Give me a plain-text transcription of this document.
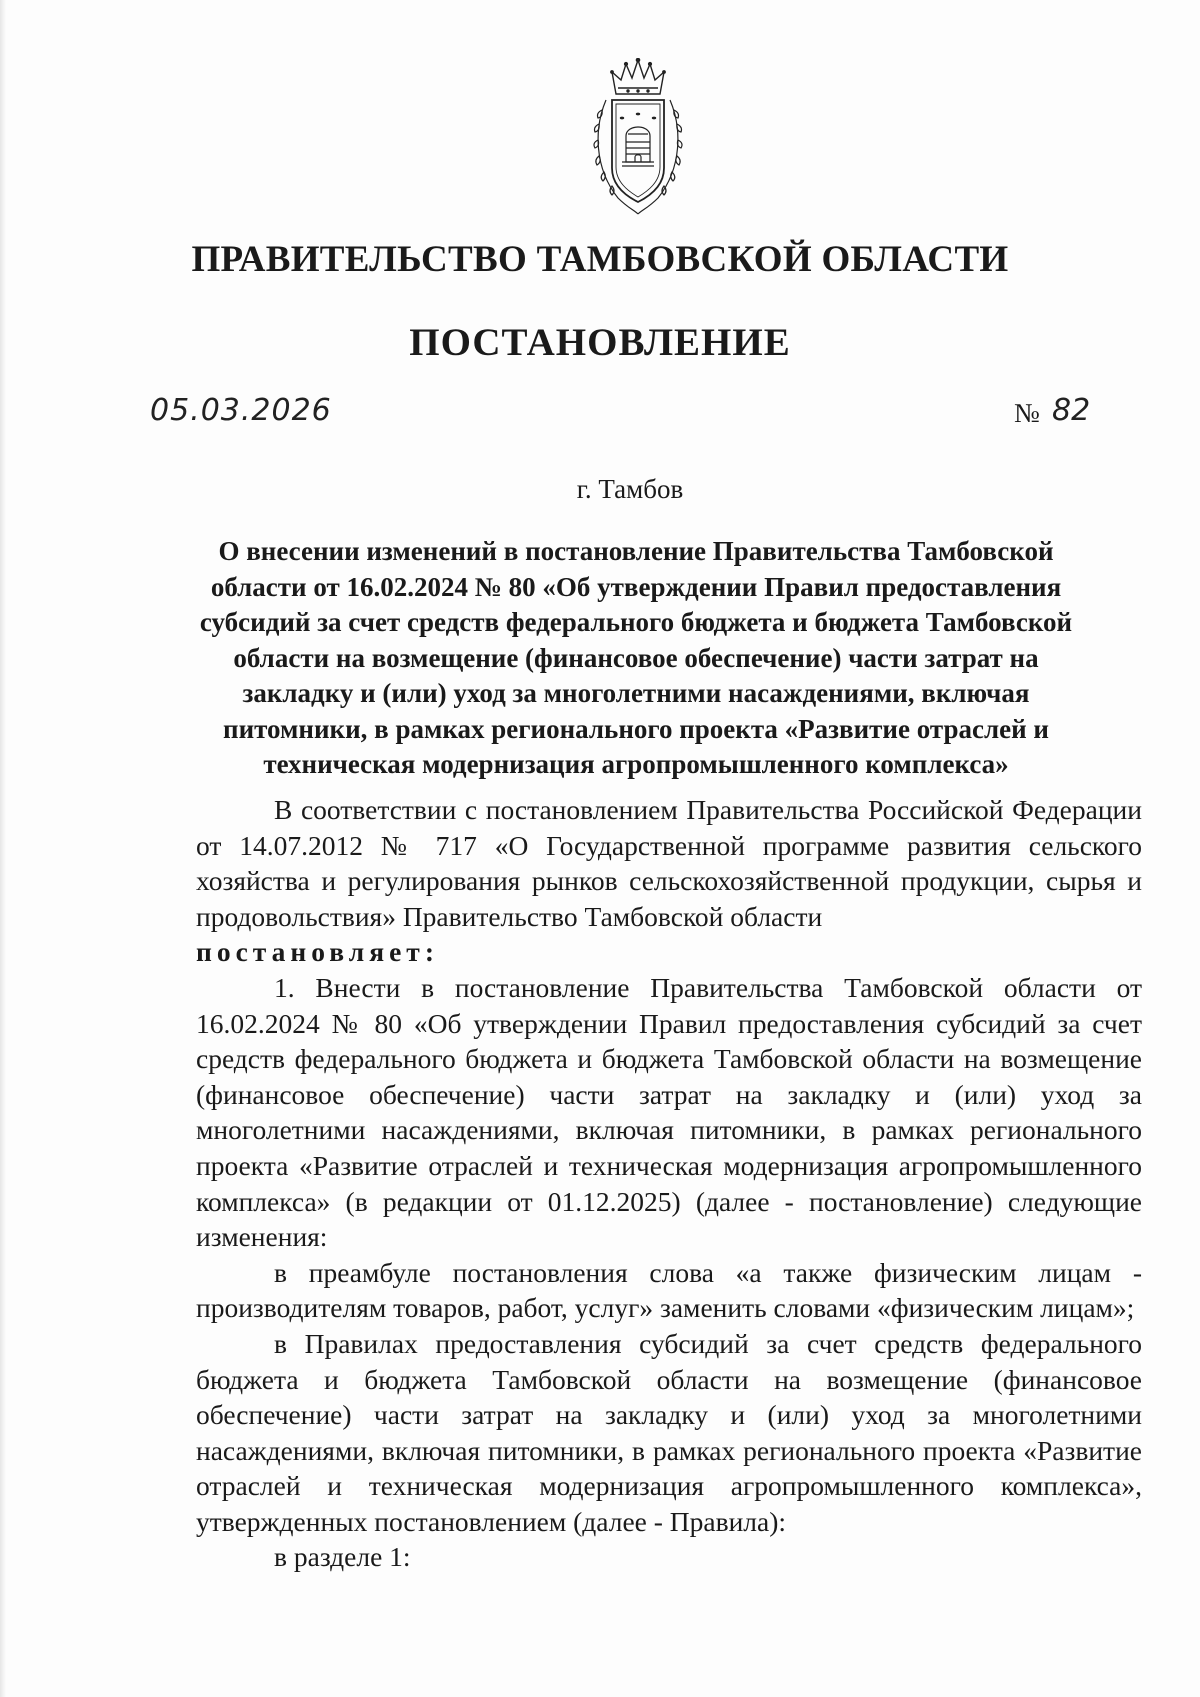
ПРАВИТЕЛЬСТВО ТАМБОВСКОЙ ОБЛАСТИ
ПОСТАНОВЛЕНИЕ
05.03.2026	№ 82
г. Тамбов
О внесении изменений в постановление Правительства Тамбовской области от 16.02.2024 № 80 «Об утверждении Правил предоставления субсидий за счет средств федерального бюджета и бюджета Тамбовской области на возмещение (финансовое обеспечение) части затрат на закладку и (или) уход за многолетними насаждениями, включая питомники, в рамках регионального проекта «Развитие отраслей и техническая модернизация агропромышленного комплекса»

В соответствии с постановлением Правительства Российской Федерации от 14.07.2012 № 717 «О Государственной программе развития сельского хозяйства и регулирования рынков сельскохозяйственной продукции, сырья и продовольствия» Правительство Тамбовской области

постановляет:

1. Внести в постановление Правительства Тамбовской области от 16.02.2024 № 80 «Об утверждении Правил предоставления субсидий за счет средств федерального бюджета и бюджета Тамбовской области на возмещение (финансовое обеспечение) части затрат на закладку и (или) уход за многолетними насаждениями, включая питомники, в рамках регионального проекта «Развитие отраслей и техническая модернизация агропромышленного комплекса» (в редакции от 01.12.2025) (далее - постановление) следующие изменения:

в преамбуле постановления слова «а также физическим лицам - производителям товаров, работ, услуг» заменить словами «физическим лицам»;

в Правилах предоставления субсидий за счет средств федерального бюджета и бюджета Тамбовской области на возмещение (финансовое обеспечение) части затрат на закладку и (или) уход за многолетними насаждениями, включая питомники, в рамках регионального проекта «Развитие отраслей и техническая модернизация агропромышленного комплекса», утвержденных постановлением (далее - Правила):

в разделе 1:
